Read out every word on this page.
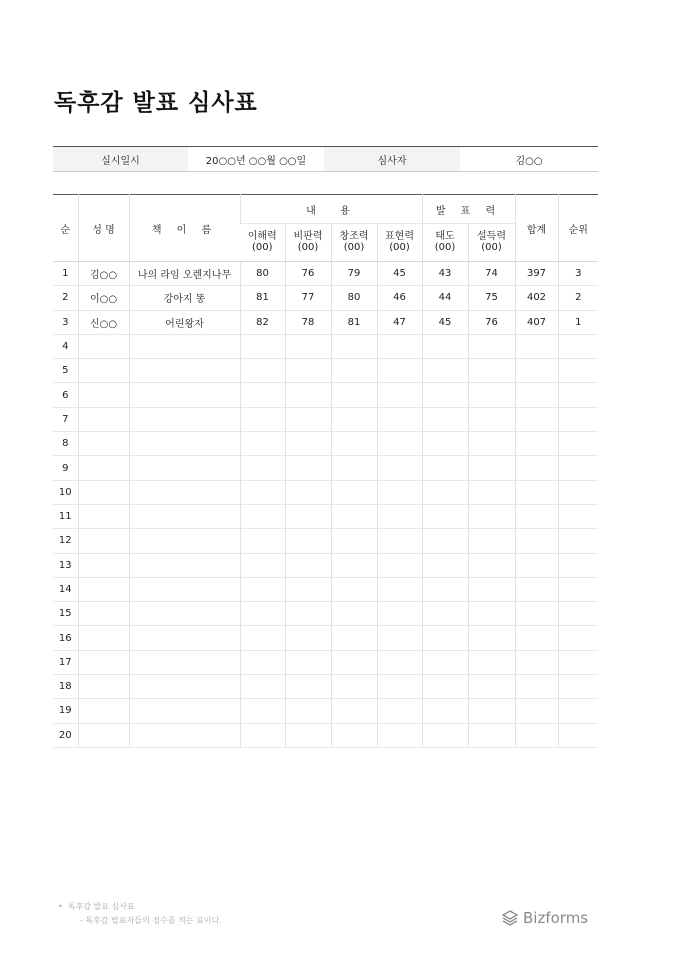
독후감 발표 심사표
실시일시	20○○년 ○○월 ○○일	심사자	김○○
순	성 명	책 이 름	내  용				발 표 력		합계	순위
			이해력	비판력	창조력	표현력	태도	설득력		
			(00)	(00)	(00)	(00)	(00)	(00)		
1	김○○	나의 라임 오렌지나무	80	76	79	45	43	74	397	3
2	이○○	강아지 똥	81	77	80	46	44	75	402	2
3	신○○	어린왕자	82	78	81	47	45	76	407	1
4										
5										
6										
7										
8										
9										
10										
11										
12										
13										
14										
15										
16										
17										
18										
19										
20										
•  독후감 발표 심사표
- 독후감 발표자들의 점수를 적는 표이다.	Bizforms
